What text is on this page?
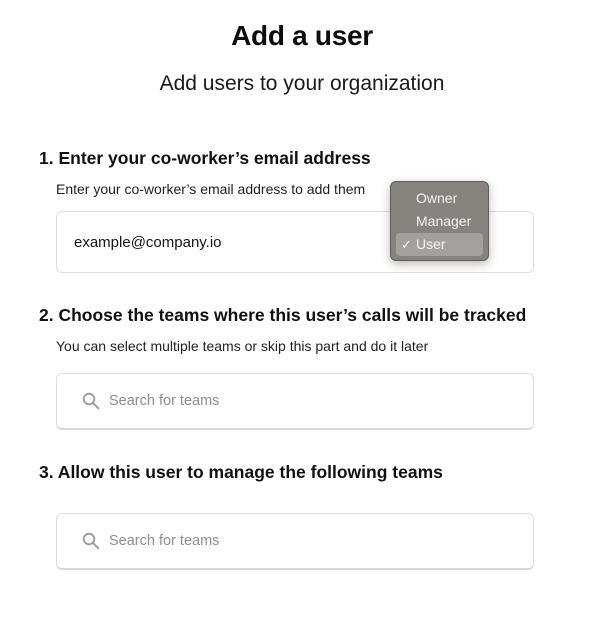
Add a user
Add users to your organization
1. Enter your co-worker’s email address
Enter your co-worker’s email address to add them
example@company.io
Owner
Manager
✓ User
2. Choose the teams where this user’s calls will be tracked
You can select multiple teams or skip this part and do it later
Search for teams
3. Allow this user to manage the following teams
Search for teams
